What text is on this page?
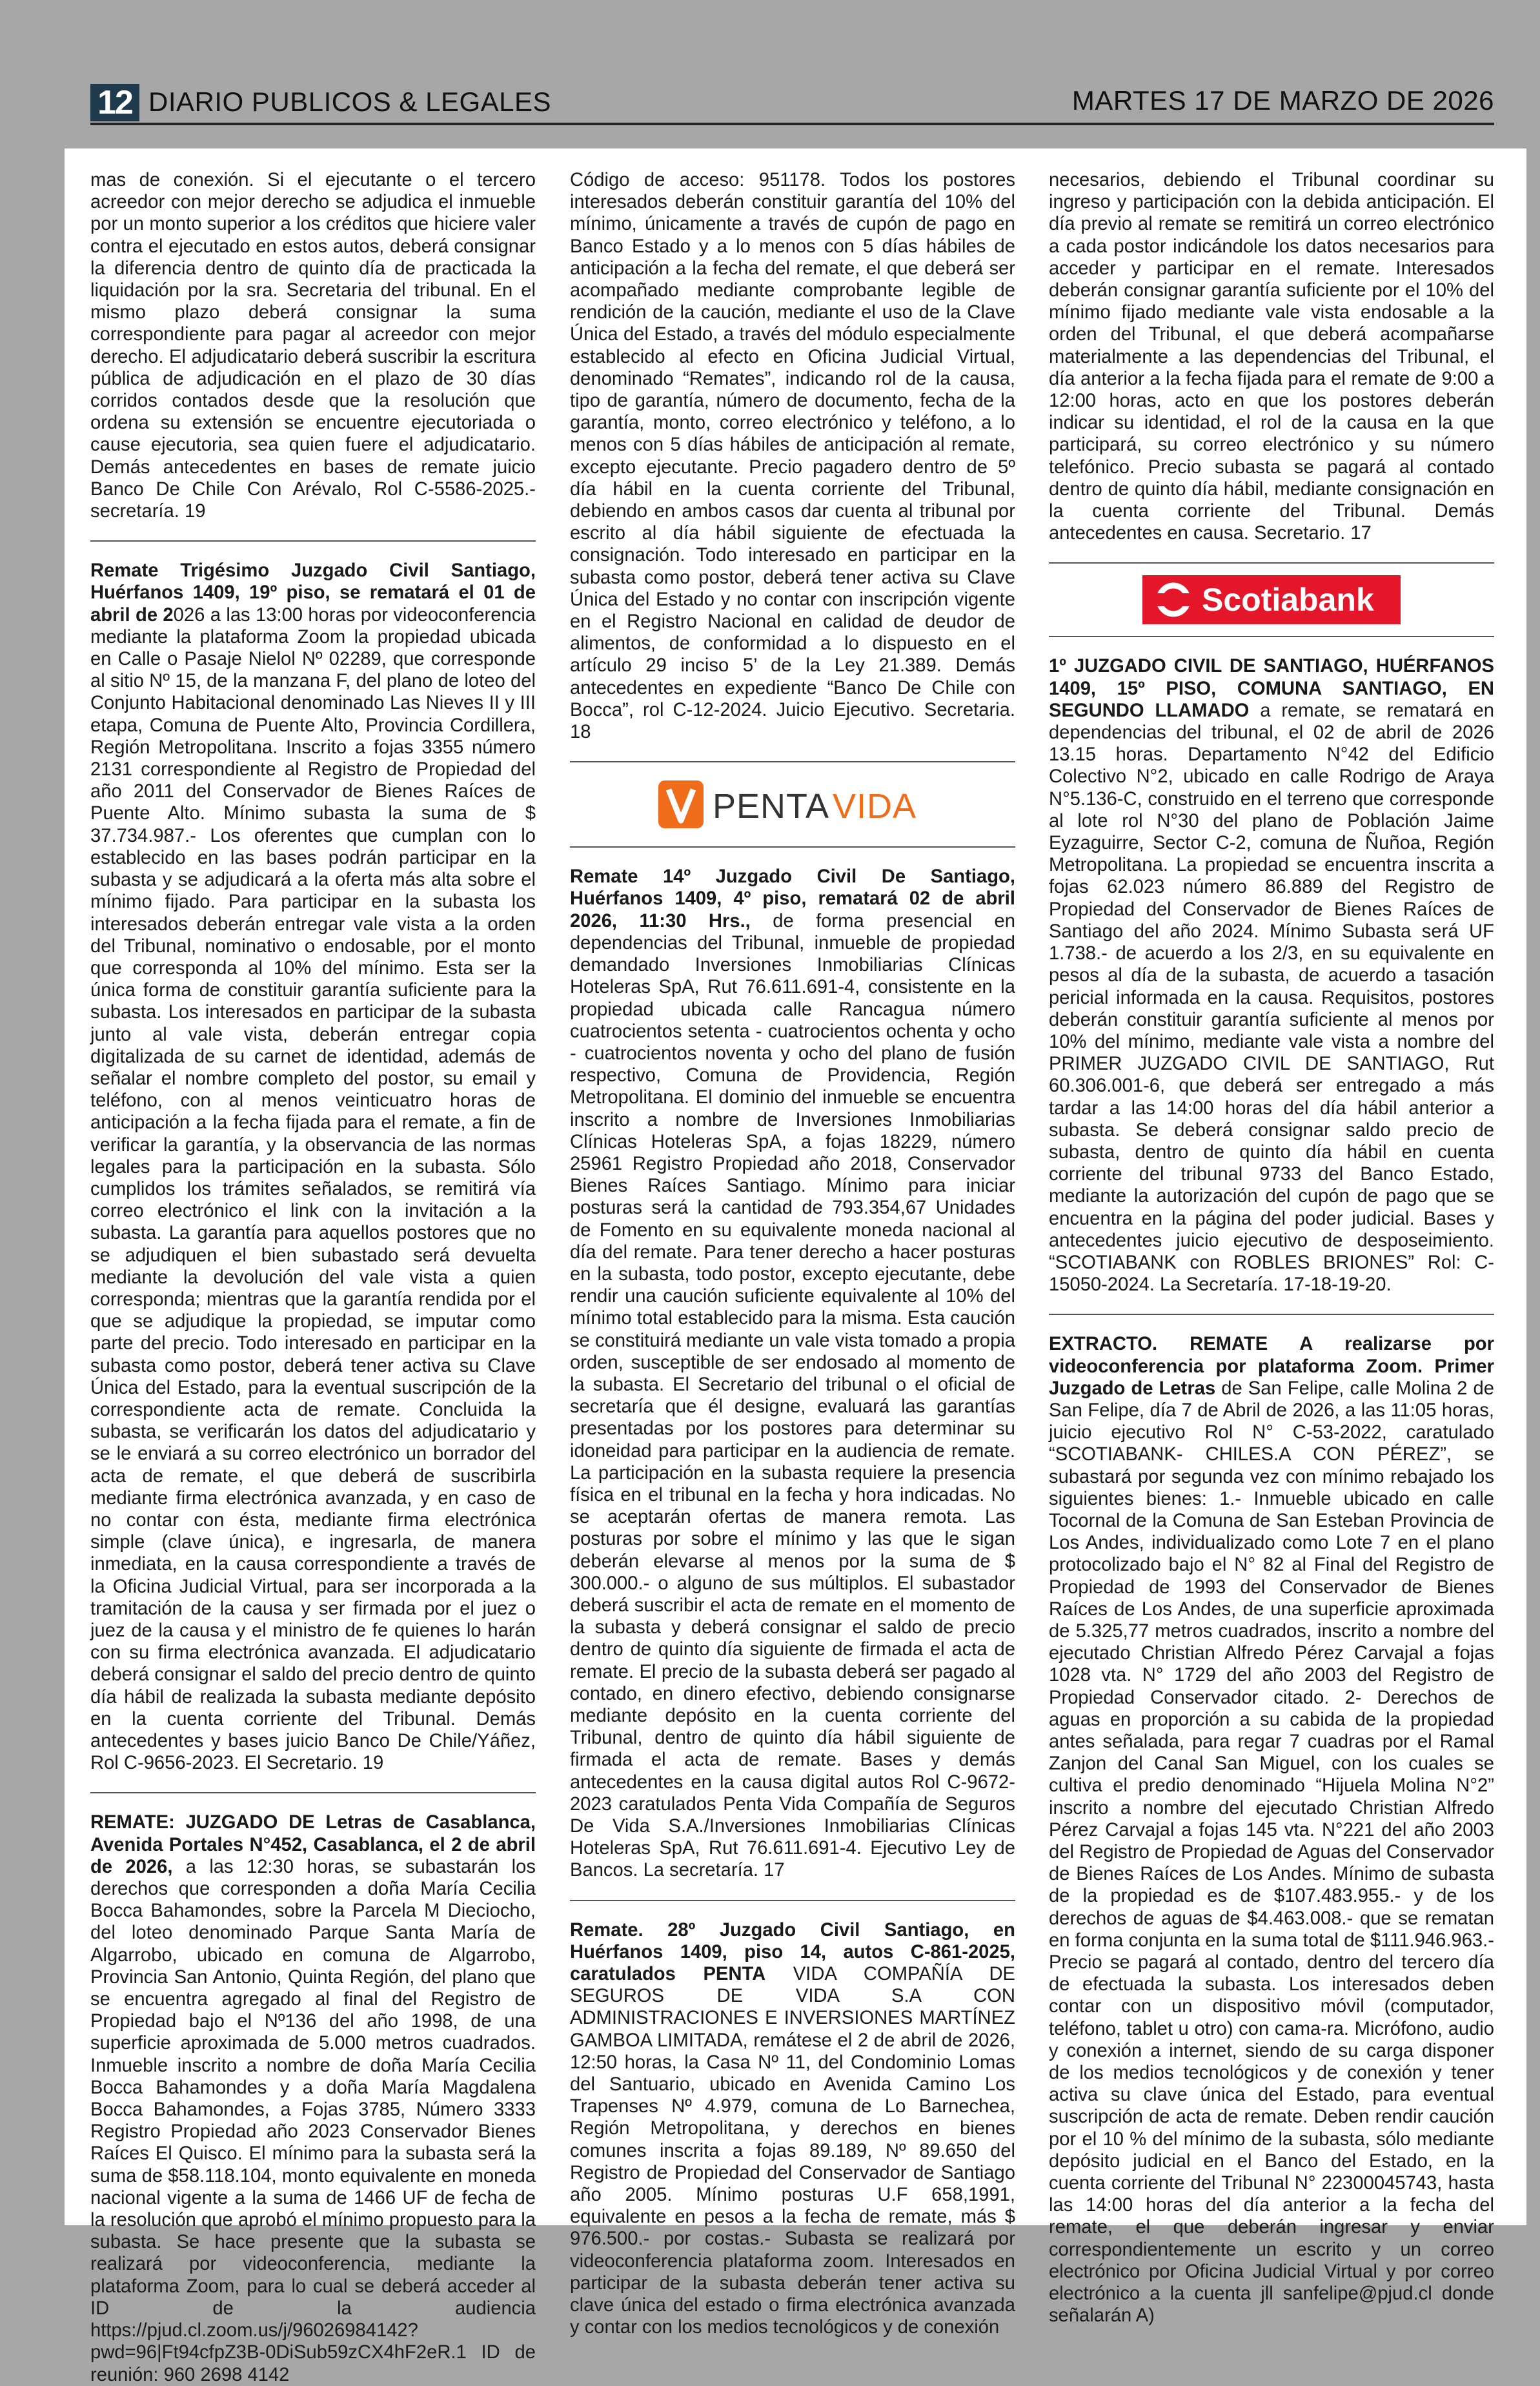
12 DIARIO PUBLICOS & LEGALES	MARTES 17 DE MARZO DE 2026

mas de conexión. Si el ejecutante o el tercero acreedor con mejor derecho se adjudica el inmueble por un monto superior a los créditos que hiciere valer contra el ejecutado en estos autos, deberá consignar la diferencia dentro de quinto día de practicada la liquidación por la sra. Secretaria del tribunal. En el mismo plazo deberá consignar la suma correspondiente para pagar al acreedor con mejor derecho. El adjudicatario deberá suscribir la escritura pública de adjudicación en el plazo de 30 días corridos contados desde que la resolución que ordena su extensión se encuentre ejecutoriada o cause ejecutoria, sea quien fuere el adjudicatario. Demás antecedentes en bases de remate juicio Banco De Chile Con Arévalo, Rol C-5586-2025.- secretaría. 19

Remate Trigésimo Juzgado Civil Santiago, Huérfanos 1409, 19º piso, se rematará el 01 de abril de 2026 a las 13:00 horas por videoconferencia mediante la plataforma Zoom la propiedad ubicada en Calle o Pasaje Nielol Nº 02289, que corresponde al sitio Nº 15, de la manzana F, del plano de loteo del Conjunto Habitacional denominado Las Nieves II y III etapa, Comuna de Puente Alto, Provincia Cordillera, Región Metropolitana. Inscrito a fojas 3355 número 2131 correspondiente al Registro de Propiedad del año 2011 del Conservador de Bienes Raíces de Puente Alto. Mínimo subasta la suma de $ 37.734.987.- Los oferentes que cumplan con lo establecido en las bases podrán participar en la subasta y se adjudicará a la oferta más alta sobre el mínimo fijado. Para participar en la subasta los interesados deberán entregar vale vista a la orden del Tribunal, nominativo o endosable, por el monto que corresponda al 10% del mínimo. Esta ser la única forma de constituir garantía suficiente para la subasta. Los interesados en participar de la subasta junto al vale vista, deberán entregar copia digitalizada de su carnet de identidad, además de señalar el nombre completo del postor, su email y teléfono, con al menos veinticuatro horas de anticipación a la fecha fijada para el remate, a fin de verificar la garantía, y la observancia de las normas legales para la participación en la subasta. Sólo cumplidos los trámites señalados, se remitirá vía correo electrónico el link con la invitación a la subasta. La garantía para aquellos postores que no se adjudiquen el bien subastado será devuelta mediante la devolución del vale vista a quien corresponda; mientras que la garantía rendida por el que se adjudique la propiedad, se imputar como parte del precio. Todo interesado en participar en la subasta como postor, deberá tener activa su Clave Única del Estado, para la eventual suscripción de la correspondiente acta de remate. Concluida la subasta, se verificarán los datos del adjudicatario y se le enviará a su correo electrónico un borrador del acta de remate, el que deberá de suscribirla mediante firma electrónica avanzada, y en caso de no contar con ésta, mediante firma electrónica simple (clave única), e ingresarla, de manera inmediata, en la causa correspondiente a través de la Oficina Judicial Virtual, para ser incorporada a la tramitación de la causa y ser firmada por el juez o juez de la causa y el ministro de fe quienes lo harán con su firma electrónica avanzada. El adjudicatario deberá consignar el saldo del precio dentro de quinto día hábil de realizada la subasta mediante depósito en la cuenta corriente del Tribunal. Demás antecedentes y bases juicio Banco De Chile/Yáñez, Rol C-9656-2023. El Secretario. 19

REMATE: JUZGADO DE Letras de Casablanca, Avenida Portales N°452, Casablanca, el 2 de abril de 2026, a las 12:30 horas, se subastarán los derechos que corresponden a doña María Cecilia Bocca Bahamondes, sobre la Parcela M Dieciocho, del loteo denominado Parque Santa María de Algarrobo, ubicado en comuna de Algarrobo, Provincia San Antonio, Quinta Región, del plano que se encuentra agregado al final del Registro de Propiedad bajo el Nº136 del año 1998, de una superficie aproximada de 5.000 metros cuadrados. Inmueble inscrito a nombre de doña María Cecilia Bocca Bahamondes y a doña María Magdalena Bocca Bahamondes, a Fojas 3785, Número 3333 Registro Propiedad año 2023 Conservador Bienes Raíces El Quisco. El mínimo para la subasta será la suma de $58.118.104, monto equivalente en moneda nacional vigente a la suma de 1466 UF de fecha de la resolución que aprobó el mínimo propuesto para la subasta. Se hace presente que la subasta se realizará por videoconferencia, mediante la plataforma Zoom, para lo cual se deberá acceder al ID de la audiencia https://pjud.cl.zoom.us/j/96026984142?pwd=96|Ft94cfpZ3B-0DiSub59zCX4hF2eR.1 ID de reunión: 960 2698 4142

Código de acceso: 951178. Todos los postores interesados deberán constituir garantía del 10% del mínimo, únicamente a través de cupón de pago en Banco Estado y a lo menos con 5 días hábiles de anticipación a la fecha del remate, el que deberá ser acompañado mediante comprobante legible de rendición de la caución, mediante el uso de la Clave Única del Estado, a través del módulo especialmente establecido al efecto en Oficina Judicial Virtual, denominado “Remates”, indicando rol de la causa, tipo de garantía, número de documento, fecha de la garantía, monto, correo electrónico y teléfono, a lo menos con 5 días hábiles de anticipación al remate, excepto ejecutante. Precio pagadero dentro de 5º día hábil en la cuenta corriente del Tribunal, debiendo en ambos casos dar cuenta al tribunal por escrito al día hábil siguiente de efectuada la consignación. Todo interesado en participar en la subasta como postor, deberá tener activa su Clave Única del Estado y no contar con inscripción vigente en el Registro Nacional en calidad de deudor de alimentos, de conformidad a lo dispuesto en el artículo 29 inciso 5’ de la Ley 21.389. Demás antecedentes en expediente “Banco De Chile con Bocca”, rol C-12-2024. Juicio Ejecutivo. Secretaria. 18

PENTA VIDA

Remate 14º Juzgado Civil De Santiago, Huérfanos 1409, 4º piso, rematará 02 de abril 2026, 11:30 Hrs., de forma presencial en dependencias del Tribunal, inmueble de propiedad demandado Inversiones Inmobiliarias Clínicas Hoteleras SpA, Rut 76.611.691-4, consistente en la propiedad ubicada calle Rancagua número cuatrocientos setenta - cuatrocientos ochenta y ocho - cuatrocientos noventa y ocho del plano de fusión respectivo, Comuna de Providencia, Región Metropolitana. El dominio del inmueble se encuentra inscrito a nombre de Inversiones Inmobiliarias Clínicas Hoteleras SpA, a fojas 18229, número 25961 Registro Propiedad año 2018, Conservador Bienes Raíces Santiago. Mínimo para iniciar posturas será la cantidad de 793.354,67 Unidades de Fomento en su equivalente moneda nacional al día del remate. Para tener derecho a hacer posturas en la subasta, todo postor, excepto ejecutante, debe rendir una caución suficiente equivalente al 10% del mínimo total establecido para la misma. Esta caución se constituirá mediante un vale vista tomado a propia orden, susceptible de ser endosado al momento de la subasta. El Secretario del tribunal o el oficial de secretaría que él designe, evaluará las garantías presentadas por los postores para determinar su idoneidad para participar en la audiencia de remate. La participación en la subasta requiere la presencia física en el tribunal en la fecha y hora indicadas. No se aceptarán ofertas de manera remota. Las posturas por sobre el mínimo y las que le sigan deberán elevarse al menos por la suma de $ 300.000.- o alguno de sus múltiplos. El subastador deberá suscribir el acta de remate en el momento de la subasta y deberá consignar el saldo de precio dentro de quinto día siguiente de firmada el acta de remate. El precio de la subasta deberá ser pagado al contado, en dinero efectivo, debiendo consignarse mediante depósito en la cuenta corriente del Tribunal, dentro de quinto día hábil siguiente de firmada el acta de remate. Bases y demás antecedentes en la causa digital autos Rol C-9672-2023 caratulados Penta Vida Compañía de Seguros De Vida S.A./Inversiones Inmobiliarias Clínicas Hoteleras SpA, Rut 76.611.691-4. Ejecutivo Ley de Bancos. La secretaría. 17

Remate. 28º Juzgado Civil Santiago, en Huérfanos 1409, piso 14, autos C-861-2025, caratulados PENTA VIDA COMPAÑÍA DE SEGUROS DE VIDA S.A CON ADMINISTRACIONES E INVERSIONES MARTÍNEZ GAMBOA LIMITADA, remátese el 2 de abril de 2026, 12:50 horas, la Casa Nº 11, del Condominio Lomas del Santuario, ubicado en Avenida Camino Los Trapenses Nº 4.979, comuna de Lo Barnechea, Región Metropolitana, y derechos en bienes comunes inscrita a fojas 89.189, Nº 89.650 del Registro de Propiedad del Conservador de Santiago año 2005. Mínimo posturas U.F 658,1991, equivalente en pesos a la fecha de remate, más $ 976.500.- por costas.- Subasta se realizará por videoconferencia plataforma zoom. Interesados en participar de la subasta deberán tener activa su clave única del estado o firma electrónica avanzada y contar con los medios tecnológicos y de conexión

necesarios, debiendo el Tribunal coordinar su ingreso y participación con la debida anticipación. El día previo al remate se remitirá un correo electrónico a cada postor indicándole los datos necesarios para acceder y participar en el remate. Interesados deberán consignar garantía suficiente por el 10% del mínimo fijado mediante vale vista endosable a la orden del Tribunal, el que deberá acompañarse materialmente a las dependencias del Tribunal, el día anterior a la fecha fijada para el remate de 9:00 a 12:00 horas, acto en que los postores deberán indicar su identidad, el rol de la causa en la que participará, su correo electrónico y su número telefónico. Precio subasta se pagará al contado dentro de quinto día hábil, mediante consignación en la cuenta corriente del Tribunal. Demás antecedentes en causa. Secretario. 17

Scotiabank

1º JUZGADO CIVIL DE SANTIAGO, HUÉRFANOS 1409, 15º PISO, COMUNA SANTIAGO, EN SEGUNDO LLAMADO a remate, se rematará en dependencias del tribunal, el 02 de abril de 2026 13.15 horas. Departamento N°42 del Edificio Colectivo N°2, ubicado en calle Rodrigo de Araya N°5.136-C, construido en el terreno que corresponde al lote rol N°30 del plano de Población Jaime Eyzaguirre, Sector C-2, comuna de Ñuñoa, Región Metropolitana. La propiedad se encuentra inscrita a fojas 62.023 número 86.889 del Registro de Propiedad del Conservador de Bienes Raíces de Santiago del año 2024. Mínimo Subasta será UF 1.738.- de acuerdo a los 2/3, en su equivalente en pesos al día de la subasta, de acuerdo a tasación pericial informada en la causa. Requisitos, postores deberán constituir garantía suficiente al menos por 10% del mínimo, mediante vale vista a nombre del PRIMER JUZGADO CIVIL DE SANTIAGO, Rut 60.306.001-6, que deberá ser entregado a más tardar a las 14:00 horas del día hábil anterior a subasta. Se deberá consignar saldo precio de subasta, dentro de quinto día hábil en cuenta corriente del tribunal 9733 del Banco Estado, mediante la autorización del cupón de pago que se encuentra en la página del poder judicial. Bases y antecedentes juicio ejecutivo de desposeimiento. “SCOTIABANK con ROBLES BRIONES” Rol: C-15050-2024. La Secretaría. 17-18-19-20.

EXTRACTO. REMATE A realizarse por videoconferencia por plataforma Zoom. Primer Juzgado de Letras de San Felipe, caIle Molina 2 de San Felipe, día 7 de Abril de 2026, a las 11:05 horas, juicio ejecutivo Rol N° C-53-2022, caratulado “SCOTIABANK- CHILES.A CON PÉREZ”, se subastará por segunda vez con mínimo rebajado los siguientes bienes: 1.- Inmueble ubicado en calle Tocornal de la Comuna de San Esteban Provincia de Los Andes, individualizado como Lote 7 en el plano protocolizado bajo el N° 82 al Final del Registro de Propiedad de 1993 del Conservador de Bienes Raíces de Los Andes, de una superficie aproximada de 5.325,77 metros cuadrados, inscrito a nombre del ejecutado Christian Alfredo Pérez Carvajal a fojas 1028 vta. N° 1729 del año 2003 del Registro de Propiedad Conservador citado. 2- Derechos de aguas en proporción a su cabida de la propiedad antes señalada, para regar 7 cuadras por el Ramal Zanjon del Canal San Miguel, con los cuales se cultiva el predio denominado “Hijuela Molina N°2” inscrito a nombre del ejecutado Christian Alfredo Pérez Carvajal a fojas 145 vta. N°221 del año 2003 del Registro de Propiedad de Aguas del Conservador de Bienes Raíces de Los Andes. Mínimo de subasta de la propiedad es de $107.483.955.- y de los derechos de aguas de $4.463.008.- que se rematan en forma conjunta en la suma total de $111.946.963.- Precio se pagará al contado, dentro del tercero día de efectuada la subasta. Los interesados deben contar con un dispositivo móvil (computador, teléfono, tablet u otro) con cama-ra. Micrófono, audio y conexión a internet, siendo de su carga disponer de los medios tecnológicos y de conexión y tener activa su clave única del Estado, para eventual suscripción de acta de remate. Deben rendir caución por el 10 % del mínimo de la subasta, sólo mediante depósito judicial en el Banco del Estado, en la cuenta corriente del Tribunal N° 22300045743, hasta las 14:00 horas del día anterior a la fecha del remate, el que deberán ingresar y enviar correspondientemente un escrito y un correo electrónico por Oficina Judicial Virtual y por correo electrónico a la cuenta jll sanfelipe@pjud.cl donde señalarán A)
